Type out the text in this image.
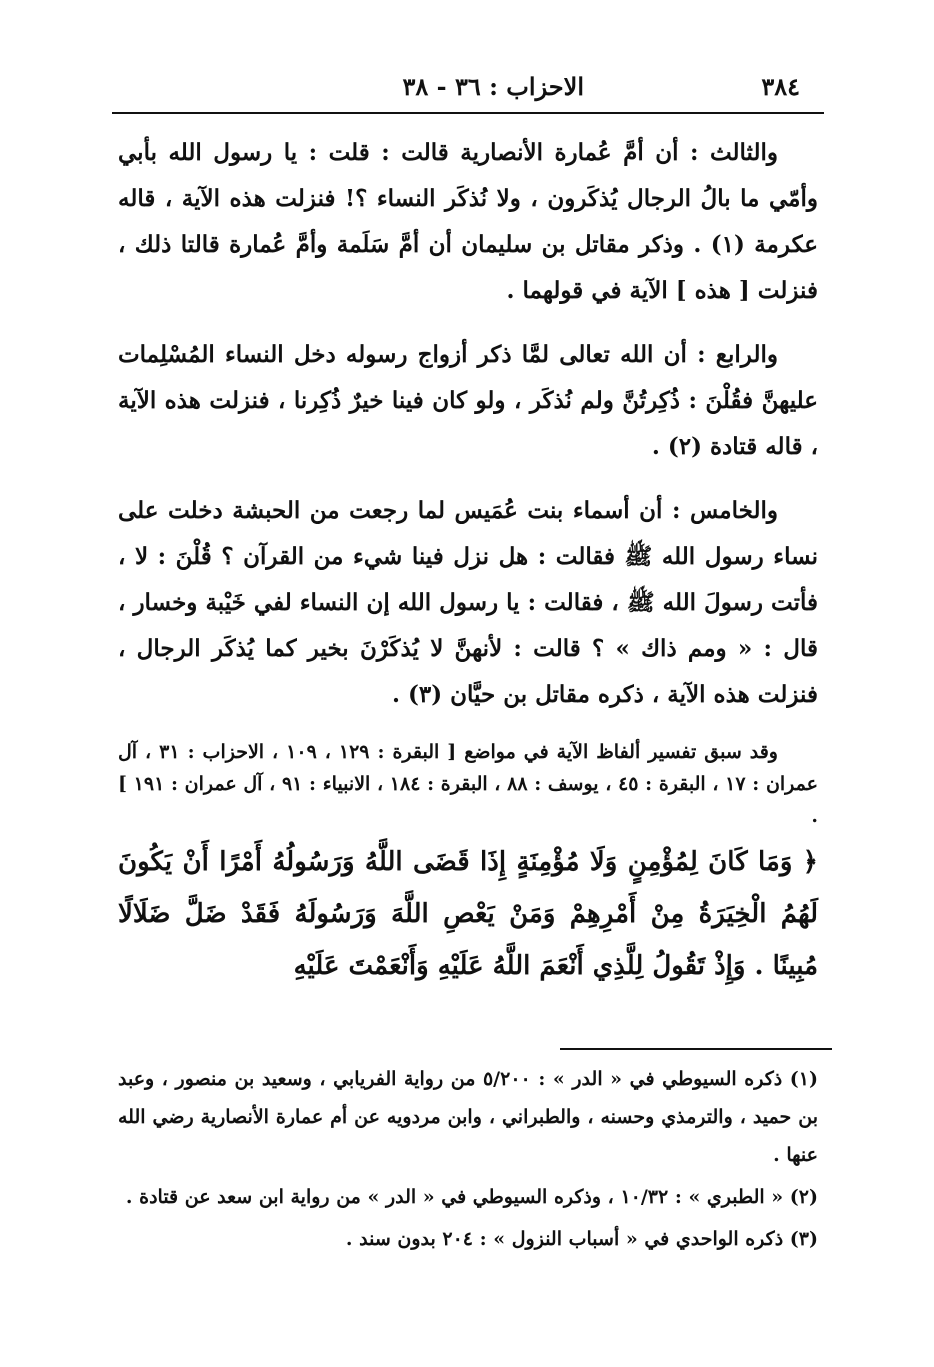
٣٨٤
الاحزاب : ٣٦ - ٣٨

والثالث : أن أمَّ عُمارة الأنصارية قالت : قلت : يا رسول الله بأبي وأمّي ما بالُ الرجال يُذكَرون ، ولا نُذكَر النساء ؟! فنزلت هذه الآية ، قاله عكرمة (١) . وذكر مقاتل بن سليمان أن أمَّ سَلَمة وأمَّ عُمارة قالتا ذلك ، فنزلت [ هذه ] الآية في قولهما .

والرابع : أن الله تعالى لمَّا ذكر أزواج رسوله دخل النساء المُسْلِمات عليهنَّ فقُلْنَ : ذُكِرتُنَّ ولم نُذكَر ، ولو كان فينا خيرٌ ذُكِرنا ، فنزلت هذه الآية ، قاله قتادة (٢) .

والخامس : أن أسماء بنت عُمَيس لما رجعت من الحبشة دخلت على نساء رسول الله ﷺ فقالت : هل نزل فينا شيء من القرآن ؟ قُلْنَ : لا ، فأتت رسولَ الله ﷺ ، فقالت : يا رسول الله إن النساء لفي خَيْبة وخسار ، قال : « ومم ذاك » ؟ قالت : لأنهنَّ لا يُذكَرْنَ بخير كما يُذكَر الرجال ، فنزلت هذه الآية ، ذكره مقاتل بن حيَّان (٣) .

وقد سبق تفسير ألفاظ الآية في مواضع [ البقرة : ١٢٩ ، ١٠٩ ، الاحزاب : ٣١ ، آل عمران : ١٧ ، البقرة : ٤٥ ، يوسف : ٨٨ ، البقرة : ١٨٤ ، الانبياء : ٩١ ، آل عمران : ١٩١ ] .

﴿ وَمَا كَانَ لِمُؤْمِنٍ وَلَا مُؤْمِنَةٍ إِذَا قَضَى اللَّهُ وَرَسُولُهُ أَمْرًا أَنْ يَكُونَ لَهُمُ الْخِيَرَةُ مِنْ أَمْرِهِمْ وَمَنْ يَعْصِ اللَّهَ وَرَسُولَهُ فَقَدْ ضَلَّ ضَلَالًا مُبِينًا . وَإِذْ تَقُولُ لِلَّذِي أَنْعَمَ اللَّهُ عَلَيْهِ وَأَنْعَمْتَ عَلَيْهِ

(١) ذكره السيوطي في « الدر » : ٥/٢٠٠ من رواية الفريابي ، وسعيد بن منصور ، وعبد بن حميد ، والترمذي وحسنه ، والطبراني ، وابن مردويه عن أم عمارة الأنصارية رضي الله عنها .

(٢) « الطبري » : ١٠/٣٢ ، وذكره السيوطي في « الدر » من رواية ابن سعد عن قتادة .

(٣) ذكره الواحدي في « أسباب النزول » : ٢٠٤ بدون سند .
